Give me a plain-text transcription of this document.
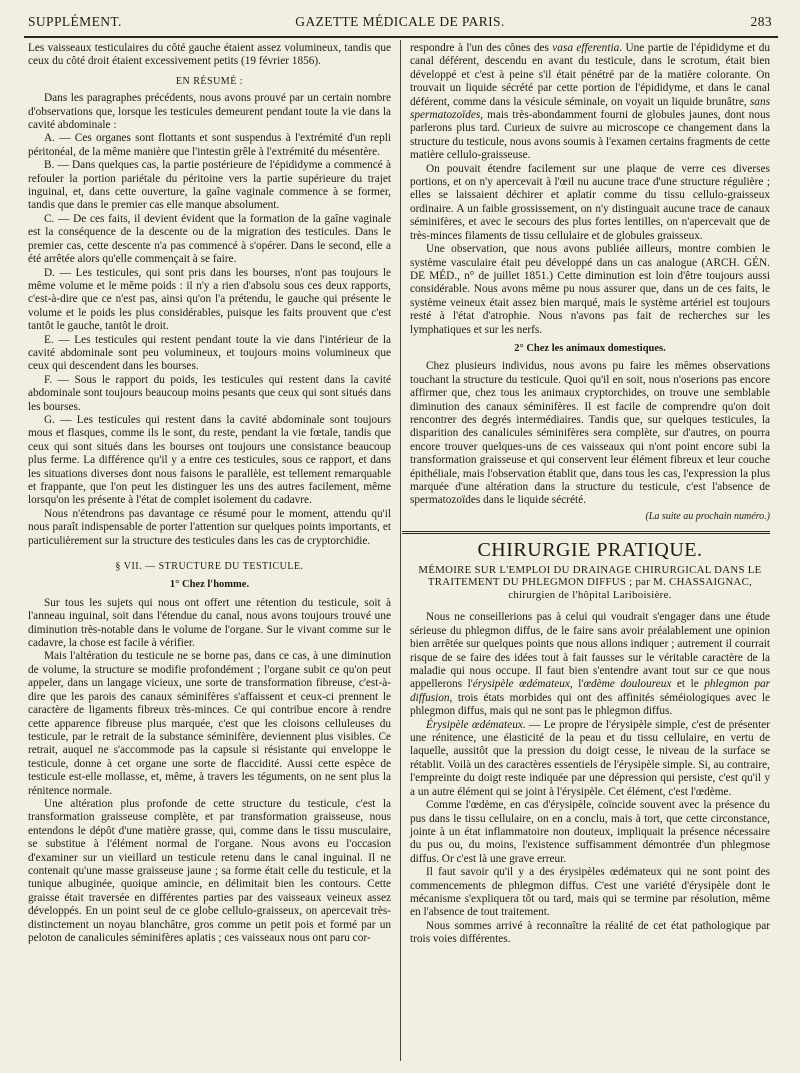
SUPPLÉMENT.	GAZETTE MÉDICALE DE PARIS.	283

Les vaisseaux testiculaires du côté gauche étaient assez volumineux, tandis que ceux du côté droit étaient excessivement petits (19 février 1856).

EN RÉSUMÉ :

Dans les paragraphes précédents, nous avons prouvé par un certain nombre d'observations que, lorsque les testicules demeurent pendant toute la vie dans la cavité abdominale :

A. — Ces organes sont flottants et sont suspendus à l'extrémité d'un repli péritonéal, de la même manière que l'intestin grêle à l'extrémité du mésentère.

B. — Dans quelques cas, la partie postérieure de l'épididyme a commencé à refouler la portion pariétale du péritoine vers la partie supérieure du trajet inguinal, et, dans cette ouverture, la gaîne vaginale commence à se former, tandis que dans le premier cas elle manque absolument.

C. — De ces faits, il devient évident que la formation de la gaîne vaginale est la conséquence de la descente ou de la migration des testicules. Dans le premier cas, cette descente n'a pas commencé à s'opérer. Dans le second, elle a été arrêtée alors qu'elle commençait à se faire.

D. — Les testicules, qui sont pris dans les bourses, n'ont pas toujours le même volume et le même poids : il n'y a rien d'absolu sous ces deux rapports, c'est-à-dire que ce n'est pas, ainsi qu'on l'a prétendu, le gauche qui présente le volume et le poids les plus considérables, puisque les faits prouvent que c'est tantôt le gauche, tantôt le droit.

E. — Les testicules qui restent pendant toute la vie dans l'intérieur de la cavité abdominale sont peu volumineux, et toujours moins volumineux que ceux qui descendent dans les bourses.

F. — Sous le rapport du poids, les testicules qui restent dans la cavité abdominale sont toujours beaucoup moins pesants que ceux qui sont situés dans les bourses.

G. — Les testicules qui restent dans la cavité abdominale sont toujours mous et flasques, comme ils le sont, du reste, pendant la vie fœtale, tandis que ceux qui sont situés dans les bourses ont toujours une consistance beaucoup plus ferme. La différence qu'il y a entre ces testicules, sous ce rapport, et dans les situations diverses dont nous faisons le parallèle, est tellement remarquable et frappante, que l'on peut les distinguer les uns des autres facilement, même lorsqu'on les présente à l'état de complet isolement du cadavre.

Nous n'étendrons pas davantage ce résumé pour le moment, attendu qu'il nous paraît indispensable de porter l'attention sur quelques points importants, et particulièrement sur la structure des testicules dans les cas de cryptorchidie.

§ VII. — STRUCTURE DU TESTICULE.

1° Chez l'homme.

Sur tous les sujets qui nous ont offert une rétention du testicule, soit à l'anneau inguinal, soit dans l'étendue du canal, nous avons toujours trouvé une diminution très-notable dans le volume de l'organe. Sur le vivant comme sur le cadavre, la chose est facile à vérifier.

Mais l'altération du testicule ne se borne pas, dans ce cas, à une diminution de volume, la structure se modifie profondément ; l'organe subit ce qu'on peut appeler, dans un langage vicieux, une sorte de transformation fibreuse, c'est-à-dire que les parois des canaux séminifères s'affaissent et ceux-ci prennent le caractère de ligaments fibreux très-minces. Ce qui contribue encore à rendre cette apparence fibreuse plus marquée, c'est que les cloisons celluleuses du testicule, par le retrait de la substance séminifère, deviennent plus visibles. Ce retrait, auquel ne s'accommode pas la capsule si résistante qui enveloppe le testicule, donne à cet organe une sorte de flaccidité. Aussi cette espèce de testicule est-elle mollasse, et, même, à travers les téguments, on ne sent plus la rénitence normale.

Une altération plus profonde de cette structure du testicule, c'est la transformation graisseuse complète, et par transformation graisseuse, nous entendons le dépôt d'une matière grasse, qui, comme dans le tissu musculaire, se substitue à l'élément normal de l'organe. Nous avons eu l'occasion d'examiner sur un vieillard un testicule retenu dans le canal inguinal. Il ne contenait qu'une masse graisseuse jaune ; sa forme était celle du testicule, et la tunique albuginée, quoique amincie, en délimitait bien les contours. Cette graisse était traversée en différentes parties par des vaisseaux veineux assez développés. En un point seul de ce globe cellulo-graisseux, on apercevait très-distinctement un noyau blanchâtre, gros comme un petit pois et formé par un peloton de canalicules séminifères aplatis ; ces vaisseaux nous ont paru cor-

respondre à l'un des cônes des vasa efferentia. Une partie de l'épididyme et du canal déférent, descendu en avant du testicule, dans le scrotum, était bien développé et c'est à peine s'il était pénétré par de la matière colorante. On trouvait un liquide sécrété par cette portion de l'épididyme, et dans le canal déférent, comme dans la vésicule séminale, on voyait un liquide brunâtre, sans spermatozoïdes, mais très-abondamment fourni de globules jaunes, dont nous parlerons plus tard. Curieux de suivre au microscope ce changement dans la structure du testicule, nous avons soumis à l'examen certains fragments de cette matière cellulo-graisseuse.

On pouvait étendre facilement sur une plaque de verre ces diverses portions, et on n'y apercevait à l'œil nu aucune trace d'une structure régulière ; elles se laissaient déchirer et aplatir comme du tissu cellulo-graisseux ordinaire. A un faible grossissement, on n'y distinguait aucune trace de canaux séminifères, et avec le secours des plus fortes lentilles, on n'apercevait que de très-minces filaments de tissu cellulaire et de globules graisseux.

Une observation, que nous avons publiée ailleurs, montre combien le système vasculaire était peu développé dans un cas analogue (ARCH. GÉN. DE MÉD., n° de juillet 1851.) Cette diminution est loin d'être toujours aussi considérable. Nous avons même pu nous assurer que, dans un de ces faits, le système veineux était assez bien marqué, mais le système artériel est toujours resté à l'état d'atrophie. Nous n'avons pas fait de recherches sur les lymphatiques et sur les nerfs.

2° Chez les animaux domestiques.

Chez plusieurs individus, nous avons pu faire les mêmes observations touchant la structure du testicule. Quoi qu'il en soit, nous n'oserions pas encore affirmer que, chez tous les animaux cryptorchides, on trouve une semblable diminution des canaux séminifères. Il est facile de comprendre qu'on doit rencontrer des degrés intermédiaires. Tandis que, sur quelques testicules, la disparition des canalicules séminifères sera complète, sur d'autres, on pourra encore trouver quelques-uns de ces vaisseaux qui n'ont point encore subi la transformation graisseuse et qui conservent leur élément fibreux et leur couche épithéliale, mais l'observation établit que, dans tous les cas, l'expression la plus marquée d'une altération dans la structure du testicule, c'est l'absence de spermatozoïdes dans le liquide sécrété.

(La suite au prochain numéro.)

CHIRURGIE PRATIQUE.

MÉMOIRE SUR L'EMPLOI DU DRAINAGE CHIRURGICAL DANS LE TRAITEMENT DU PHLEGMON DIFFUS ; par M. CHASSAIGNAC, chirurgien de l'hôpital Lariboisière.

Nous ne conseillerions pas à celui qui voudrait s'engager dans une étude sérieuse du phlegmon diffus, de le faire sans avoir préalablement une opinion bien arrêtée sur quelques points que nous allons indiquer ; autrement il courrait risque de se faire des idées tout à fait fausses sur le véritable caractère de la maladie qui nous occupe. Il faut bien s'entendre avant tout sur ce que nous appellerons l'érysipèle œdémateux, l'œdème douloureux et le phlegmon par diffusion, trois états morbides qui ont des affinités séméiologiques avec le phlegmon diffus, mais qui ne sont pas le phlegmon diffus.

Érysipèle œdémateux. — Le propre de l'érysipèle simple, c'est de présenter une rénitence, une élasticité de la peau et du tissu cellulaire, en vertu de laquelle, aussitôt que la pression du doigt cesse, le niveau de la surface se rétablit. Voilà un des caractères essentiels de l'érysipèle simple. Si, au contraire, l'empreinte du doigt reste indiquée par une dépression qui persiste, c'est qu'il y a un autre élément qui se joint à l'érysipèle. Cet élément, c'est l'œdème.

Comme l'œdème, en cas d'érysipèle, coïncide souvent avec la présence du pus dans le tissu cellulaire, on en a conclu, mais à tort, que cette circonstance, jointe à un état inflammatoire non douteux, impliquait la présence nécessaire du pus ou, du moins, l'existence suffisamment démontrée d'un phlegmose diffus. Or c'est là une grave erreur.

Il faut savoir qu'il y a des érysipèles œdémateux qui ne sont point des commencements de phlegmon diffus. C'est une variété d'érysipèle dont le mécanisme s'expliquera tôt ou tard, mais qui se termine par résolution, même en l'absence de tout traitement.

Nous sommes arrivé à reconnaître la réalité de cet état pathologique par trois voies différentes.
